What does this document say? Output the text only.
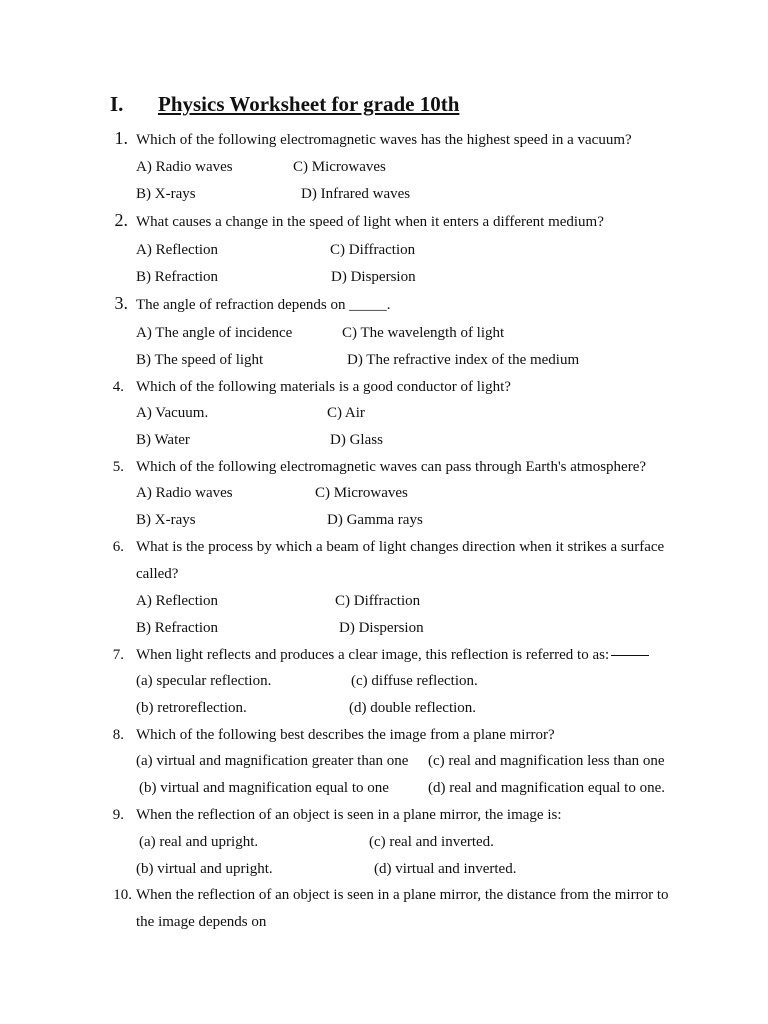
I. Physics Worksheet for grade 10th
1. Which of the following electromagnetic waves has the highest speed in a vacuum?
A) Radio waves	C) Microwaves
B) X-rays	D) Infrared waves
2. What causes a change in the speed of light when it enters a different medium?
A) Reflection	C) Diffraction
B) Refraction	D) Dispersion
3. The angle of refraction depends on _____.
A) The angle of incidence	C) The wavelength of light
B) The speed of light	D) The refractive index of the medium
4. Which of the following materials is a good conductor of light?
A) Vacuum.	C) Air
B) Water	D) Glass
5. Which of the following electromagnetic waves can pass through Earth's atmosphere?
A) Radio waves	C) Microwaves
B) X-rays	D) Gamma rays
6. What is the process by which a beam of light changes direction when it strikes a surface
called?
A) Reflection	C) Diffraction
B) Refraction	D) Dispersion
7. When light reflects and produces a clear image, this reflection is referred to as:
(a) specular reflection.	(c) diffuse reflection.
(b) retroreflection.	(d) double reflection.
8. Which of the following best describes the image from a plane mirror?
(a) virtual and magnification greater than one (c) real and magnification less than one
(b) virtual and magnification equal to one	(d) real and magnification equal to one.
9. When the reflection of an object is seen in a plane mirror, the image is:
(a) real and upright.	(c) real and inverted.
(b) virtual and upright.	(d) virtual and inverted.
10. When the reflection of an object is seen in a plane mirror, the distance from the mirror to
the image depends on
